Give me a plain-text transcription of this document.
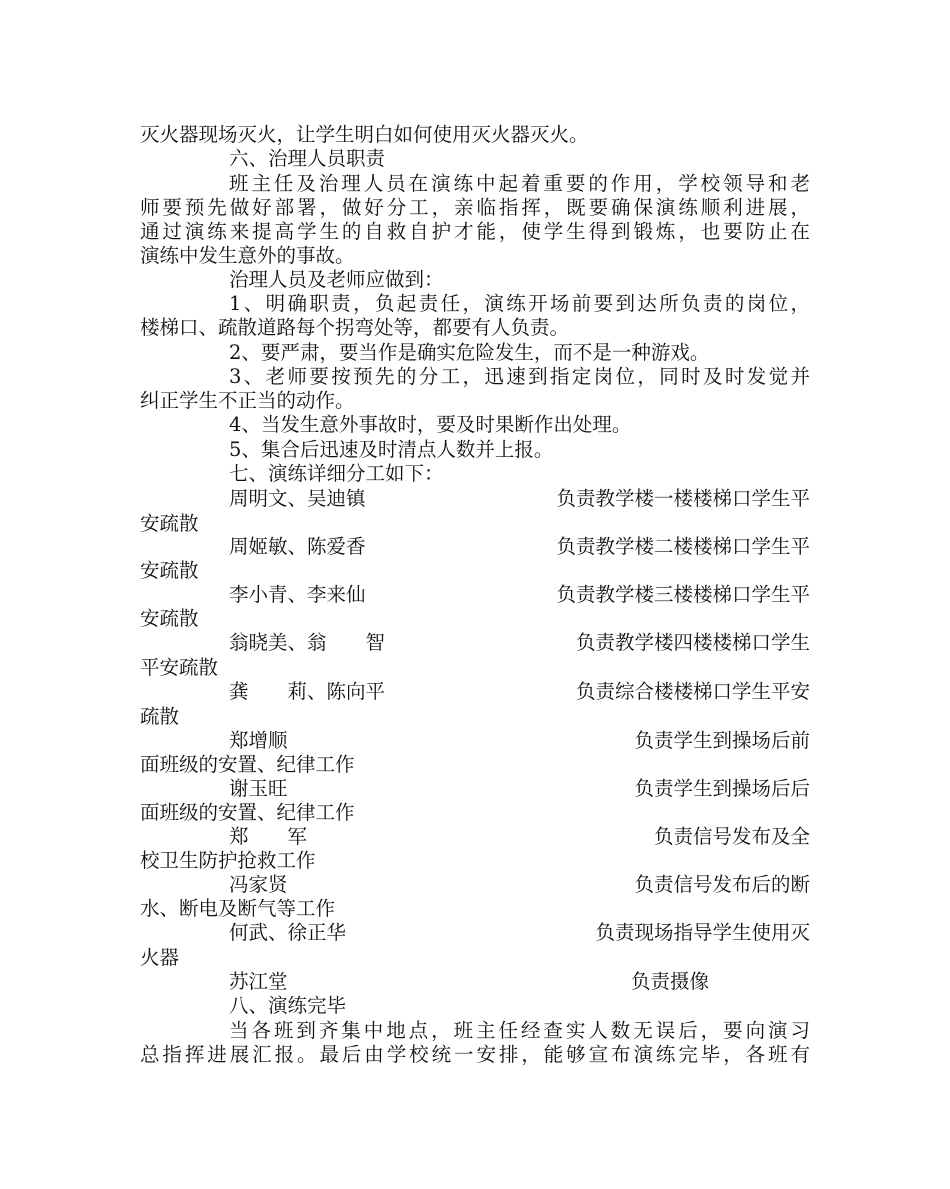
灭火器现场灭火，让学生明白如何使用灭火器灭火。
六、治理人员职责
班主任及治理人员在演练中起着重要的作用，学校领导和老
师要预先做好部署，做好分工，亲临指挥，既要确保演练顺利进展，
通过演练来提高学生的自救自护才能，使学生得到锻炼，也要防止在
演练中发生意外的事故。
治理人员及老师应做到：
1、明确职责，负起责任，演练开场前要到达所负责的岗位，
楼梯口、疏散道路每个拐弯处等，都要有人负责。
2、要严肃，要当作是确实危险发生，而不是一种游戏。
3、老师要按预先的分工，迅速到指定岗位，同时及时发觉并
纠正学生不正当的动作。
4、当发生意外事故时，要及时果断作出处理。
5、集合后迅速及时清点人数并上报。
七、演练详细分工如下：
周明文、吴迪镇	负责教学楼一楼楼梯口学生平
安疏散
周姬敏、陈爱香	负责教学楼二楼楼梯口学生平
安疏散
李小青、李来仙	负责教学楼三楼楼梯口学生平
安疏散
翁晓美、翁　　智	负责教学楼四楼楼梯口学生
平安疏散
龚　　莉、陈向平	负责综合楼楼梯口学生平安
疏散
郑增顺	负责学生到操场后前
面班级的安置、纪律工作
谢玉旺	负责学生到操场后后
面班级的安置、纪律工作
郑　　军	负责信号发布及全
校卫生防护抢救工作
冯家贤	负责信号发布后的断
水、断电及断气等工作
何武、徐正华	负责现场指导学生使用灭
火器
苏江堂	负责摄像
八、演练完毕
当各班到齐集中地点，班主任经查实人数无误后，要向演习
总指挥进展汇报。最后由学校统一安排，能够宣布演练完毕，各班有
